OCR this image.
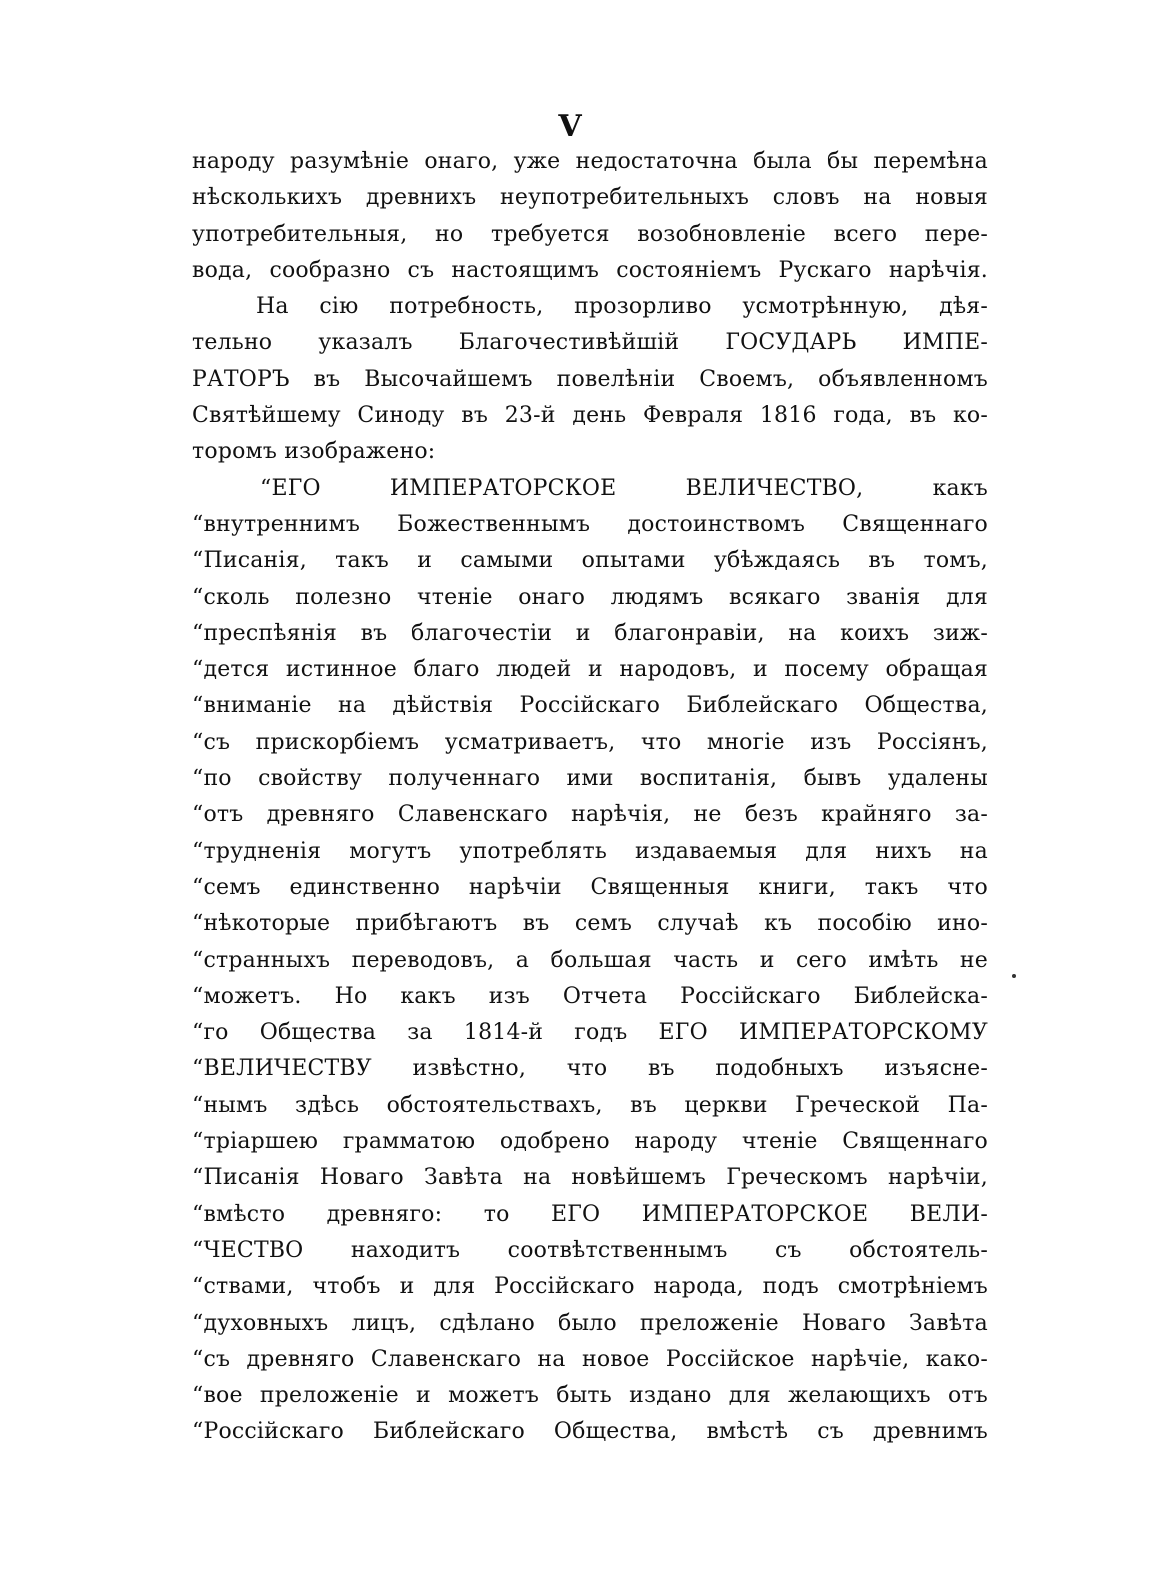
V
народу разумѣніе онаго, уже недостаточна была бы перемѣна
нѣсколькихъ древнихъ неупотребительныхъ словъ на новыя
употребительныя, но требуется возобновленіе всего пере-
вода, сообразно съ настоящимъ состояніемъ Рускаго нарѣчія.
На сію потребность, прозорливо усмотрѣнную, дѣя-
тельно указалъ Благочестивѣйшій ГОСУДАРЬ ИМПЕ-
РАТОРЪ въ Высочайшемъ повелѣніи Своемъ, объявленномъ
Святѣйшему Синоду въ 23-й день Февраля 1816 года, въ ко-
торомъ изображено:
“ЕГО ИМПЕРАТОРСКОЕ ВЕЛИЧЕСТВО, какъ
“внутреннимъ Божественнымъ достоинствомъ Священнаго
“Писанія, такъ и самыми опытами убѣждаясь въ томъ,
“сколь полезно чтеніе онаго людямъ всякаго званія для
“преспѣянія въ благочестіи и благонравіи, на коихъ зиж-
“дется истинное благо людей и народовъ, и посему обращая
“вниманіе на дѣйствія Россійскаго Библейскаго Общества,
“съ прискорбіемъ усматриваетъ, что многіе изъ Россіянъ,
“по свойству полученнаго ими воспитанія, бывъ удалены
“отъ древняго Славенскаго нарѣчія, не безъ крайняго за-
“трудненія могутъ употреблять издаваемыя для нихъ на
“семъ единственно нарѣчіи Священныя книги, такъ что
“нѣкоторые прибѣгаютъ въ семъ случаѣ къ пособію ино-
“странныхъ переводовъ, а большая часть и сего имѣть не
“можетъ. Но какъ изъ Отчета Россійскаго Библейска-
“го Общества за 1814-й годъ ЕГО ИМПЕРАТОРСКОМУ
“ВЕЛИЧЕСТВУ извѣстно, что въ подобныхъ изъясне-
“нымъ здѣсь обстоятельствахъ, въ церкви Греческой Па-
“тріаршею грамматою одобрено народу чтеніе Священнаго
“Писанія Новаго Завѣта на новѣйшемъ Греческомъ нарѣчіи,
“вмѣсто древняго: то ЕГО ИМПЕРАТОРСКОЕ ВЕЛИ-
“ЧЕСТВО находитъ соотвѣтственнымъ съ обстоятель-
“ствами, чтобъ и для Россійскаго народа, подъ смотрѣніемъ
“духовныхъ лицъ, сдѣлано было преложеніе Новаго Завѣта
“съ древняго Славенскаго на новое Россійское нарѣчіе, како-
“вое преложеніе и можетъ быть издано для желающихъ отъ
“Россійскаго Библейскаго Общества, вмѣстѣ съ древнимъ
